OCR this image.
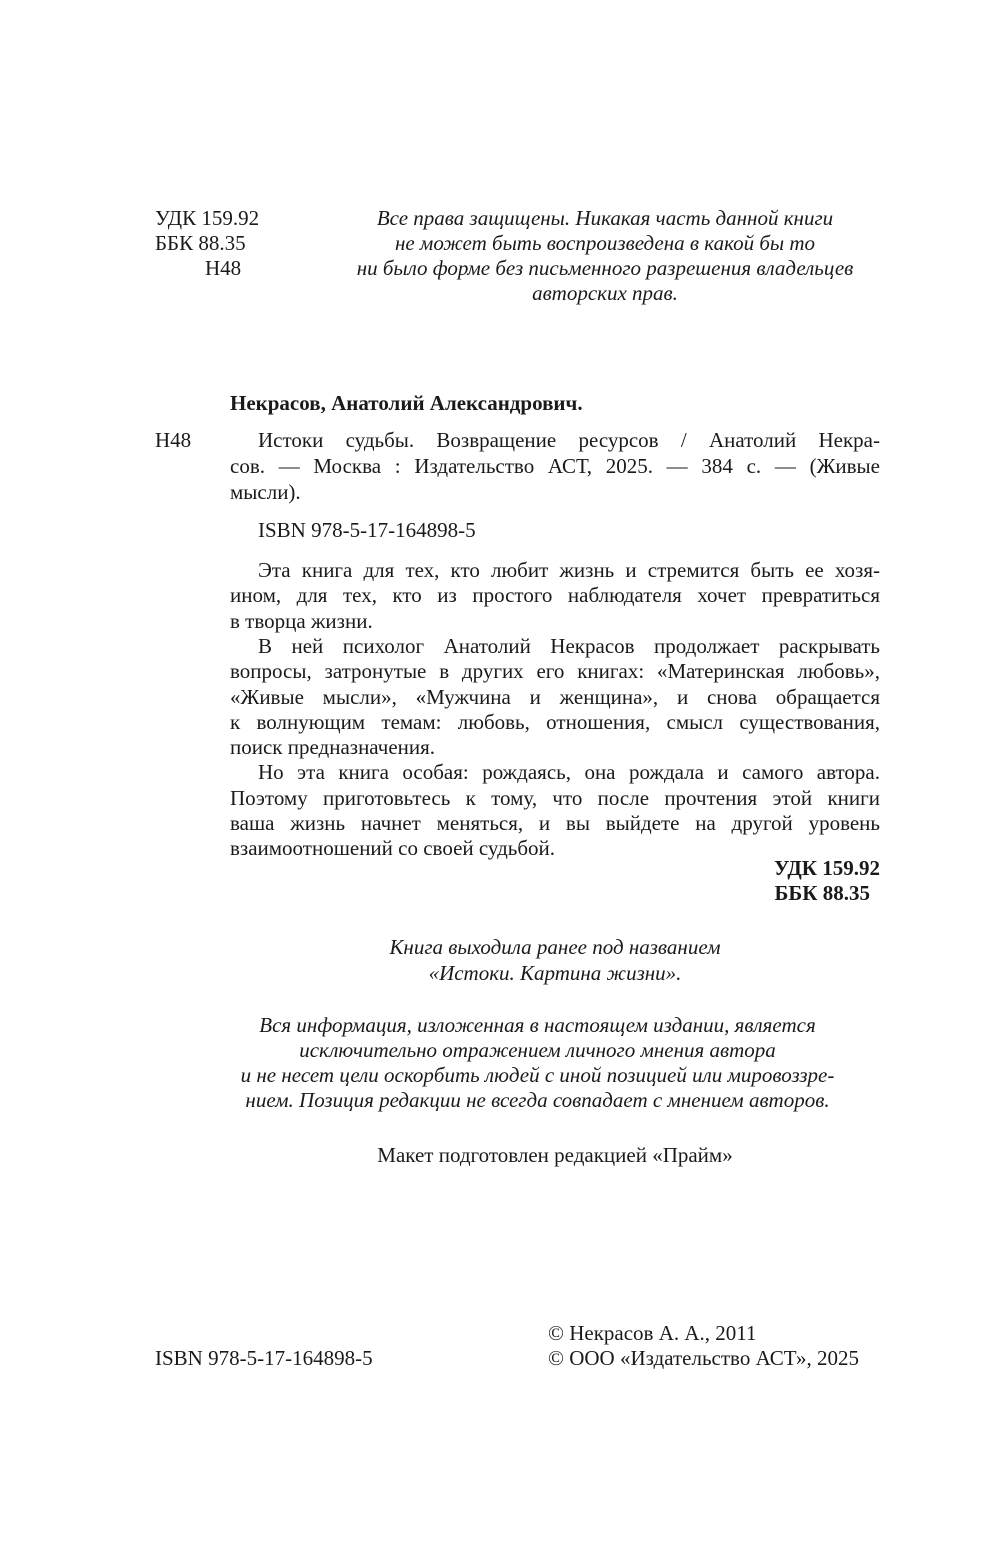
УДК 159.92
ББК 88.35
Н48
Все права защищены. Никакая часть данной книги
не может быть воспроизведена в какой бы то
ни было форме без письменного разрешения владельцев
авторских прав.
Некрасов, Анатолий Александрович.
Н48	Истоки судьбы. Возвращение ресурсов / Анатолий Некра-
сов. — Москва : Издательство АСТ, 2025. — 384 с. — (Живые
мысли).
ISBN 978-5-17-164898-5
Эта книга для тех, кто любит жизнь и стремится быть ее хозя-
ином, для тех, кто из простого наблюдателя хочет превратиться
в творца жизни.
В ней психолог Анатолий Некрасов продолжает раскрывать
вопросы, затронутые в других его книгах: «Материнская любовь»,
«Живые мысли», «Мужчина и женщина», и снова обращается
к волнующим темам: любовь, отношения, смысл существования,
поиск предназначения.
Но эта книга особая: рождаясь, она рождала и самого автора.
Поэтому приготовьтесь к тому, что после прочтения этой книги
ваша жизнь начнет меняться, и вы выйдете на другой уровень
взаимоотношений со своей судьбой.
УДК 159.92
ББК 88.35
Книга выходила ранее под названием
«Истоки. Картина жизни».
Вся информация, изложенная в настоящем издании, является
исключительно отражением личного мнения автора
и не несет цели оскорбить людей с иной позицией или мировоззре-
нием. Позиция редакции не всегда совпадает с мнением авторов.
Макет подготовлен редакцией «Прайм»
© Некрасов А. А., 2011
ISBN 978-5-17-164898-5	© ООО «Издательство АСТ», 2025
